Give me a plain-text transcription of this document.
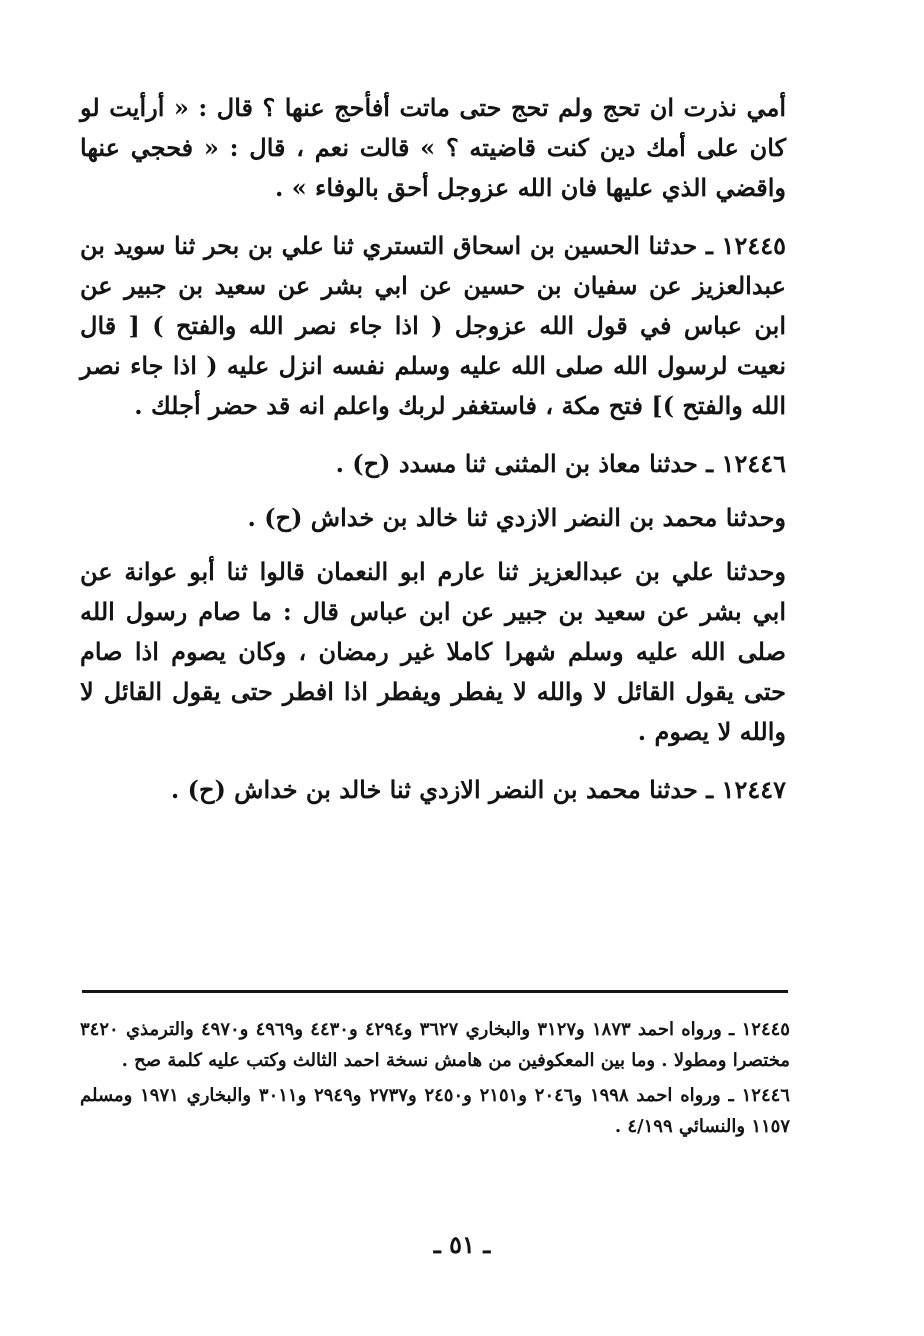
أمي نذرت ان تحج ولم تحج حتى ماتت أفأحج عنها ؟ قال : « أرأيت لو كان على أمك دين كنت قاضيته ؟ » قالت نعم ، قال : « فحجي عنها واقضي الذي عليها فان الله عزوجل أحق بالوفاء » .

١٢٤٤٥ ـ حدثنا الحسين بن اسحاق التستري ثنا علي بن بحر ثنا سويد بن عبدالعزيز عن سفيان بن حسين عن ابي بشر عن سعيد بن جبير عن ابن عباس في قول الله عزوجل ( اذا جاء نصر الله والفتح ) [ قال نعيت لرسول الله صلى الله عليه وسلم نفسه انزل عليه ( اذا جاء نصر الله والفتح )] فتح مكة ، فاستغفر لربك واعلم انه قد حضر أجلك .

١٢٤٤٦ ـ حدثنا معاذ بن المثنى ثنا مسدد (ح) .

وحدثنا محمد بن النضر الازدي ثنا خالد بن خداش (ح) .

وحدثنا علي بن عبدالعزيز ثنا عارم ابو النعمان قالوا ثنا أبو عوانة عن ابي بشر عن سعيد بن جبير عن ابن عباس قال : ما صام رسول الله صلى الله عليه وسلم شهرا كاملا غير رمضان ، وكان يصوم اذا صام حتى يقول القائل لا والله لا يفطر ويفطر اذا افطر حتى يقول القائل لا والله لا يصوم .

١٢٤٤٧ ـ حدثنا محمد بن النضر الازدي ثنا خالد بن خداش (ح) .

١٢٤٤٥ ـ ورواه احمد ١٨٧٣ و٣١٢٧ والبخاري ٣٦٢٧ و٤٢٩٤ و٤٤٣٠ و٤٩٦٩ و٤٩٧٠ والترمذي ٣٤٢٠ مختصرا ومطولا . وما بين المعكوفين من هامش نسخة احمد الثالث وكتب عليه كلمة صح .

١٢٤٤٦ ـ ورواه احمد ١٩٩٨ و٢٠٤٦ و٢١٥١ و٢٤٥٠ و٢٧٣٧ و٢٩٤٩ و٣٠١١ والبخاري ١٩٧١ ومسلم ١١٥٧ والنسائي ٤/١٩٩ .

ـ ٥١ ـ
